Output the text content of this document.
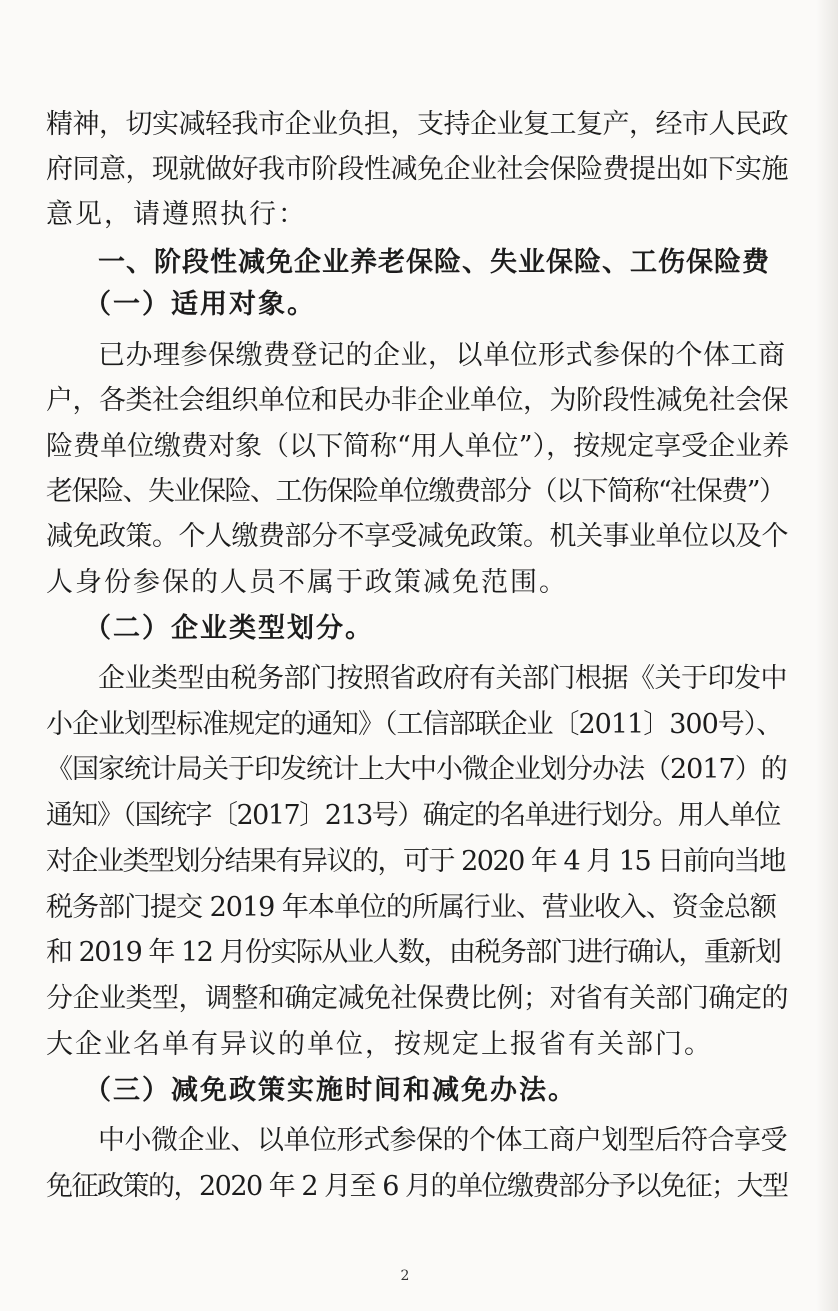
精神，切实减轻我市企业负担，支持企业复工复产，经市人民政
府同意，现就做好我市阶段性减免企业社会保险费提出如下实施
意见，请遵照执行：
一、阶段性减免企业养老保险、失业保险、工伤保险费
（一）适用对象。
已办理参保缴费登记的企业，以单位形式参保的个体工商
户，各类社会组织单位和民办非企业单位，为阶段性减免社会保
险费单位缴费对象（以下简称“用人单位”），按规定享受企业养
老保险、失业保险、工伤保险单位缴费部分（以下简称“社保费”）
减免政策。个人缴费部分不享受减免政策。机关事业单位以及个
人身份参保的人员不属于政策减免范围。
（二）企业类型划分。
企业类型由税务部门按照省政府有关部门根据《关于印发中
小企业划型标准规定的通知》（工信部联企业〔2011〕300号）、
《国家统计局关于印发统计上大中小微企业划分办法（2017）的
通知》（国统字〔2017〕213号）确定的名单进行划分。用人单位
对企业类型划分结果有异议的，可于 2020 年 4 月 15 日前向当地
税务部门提交 2019 年本单位的所属行业、营业收入、资金总额
和 2019 年 12 月份实际从业人数，由税务部门进行确认，重新划
分企业类型，调整和确定减免社保费比例；对省有关部门确定的
大企业名单有异议的单位，按规定上报省有关部门。
（三）减免政策实施时间和减免办法。
中小微企业、以单位形式参保的个体工商户划型后符合享受
免征政策的，2020 年 2 月至 6 月的单位缴费部分予以免征；大型
2
